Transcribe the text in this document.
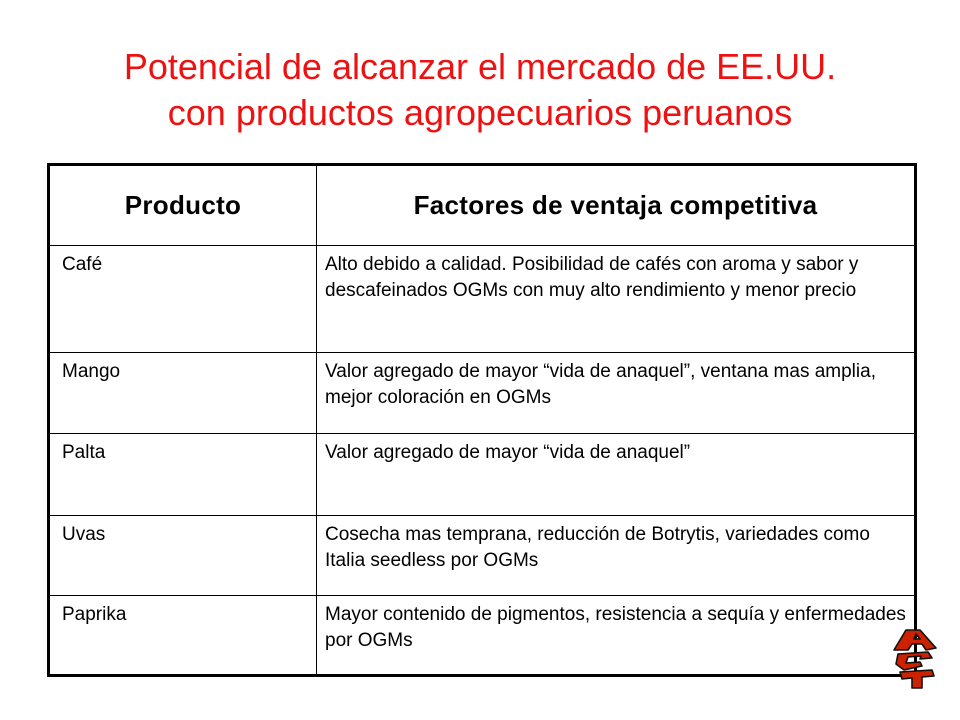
Potencial de alcanzar el mercado de EE.UU.
con productos agropecuarios peruanos
Producto	Factores de ventaja competitiva
Café	Alto debido a calidad. Posibilidad de cafés con aroma y sabor y descafeinados OGMs con muy alto rendimiento y menor precio
Mango	Valor agregado de mayor “vida de anaquel”, ventana mas amplia, mejor coloración en OGMs
Palta	Valor agregado de mayor “vida de anaquel”
Uvas	Cosecha mas temprana, reducción de Botrytis, variedades como Italia seedless por OGMs
Paprika	Mayor contenido de pigmentos, resistencia a sequía y enfermedades por OGMs
